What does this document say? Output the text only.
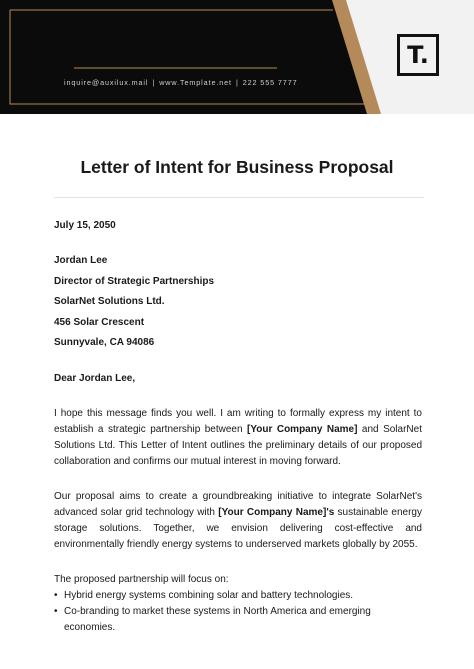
inquire@auxilux.mail | www.Template.net | 222 555 7777
T.
Letter of Intent for Business Proposal
July 15, 2050
Jordan Lee
Director of Strategic Partnerships
SolarNet Solutions Ltd.
456 Solar Crescent
Sunnyvale, CA 94086
Dear Jordan Lee,

I hope this message finds you well. I am writing to formally express my intent to establish a strategic partnership between [Your Company Name] and SolarNet Solutions Ltd. This Letter of Intent outlines the preliminary details of our proposed collaboration and confirms our mutual interest in moving forward.

Our proposal aims to create a groundbreaking initiative to integrate SolarNet's advanced solar grid technology with [Your Company Name]'s sustainable energy storage solutions. Together, we envision delivering cost-effective and environmentally friendly energy systems to underserved markets globally by 2055.

The proposed partnership will focus on:
• Hybrid energy systems combining solar and battery technologies.
• Co-branding to market these systems in North America and emerging economies.
